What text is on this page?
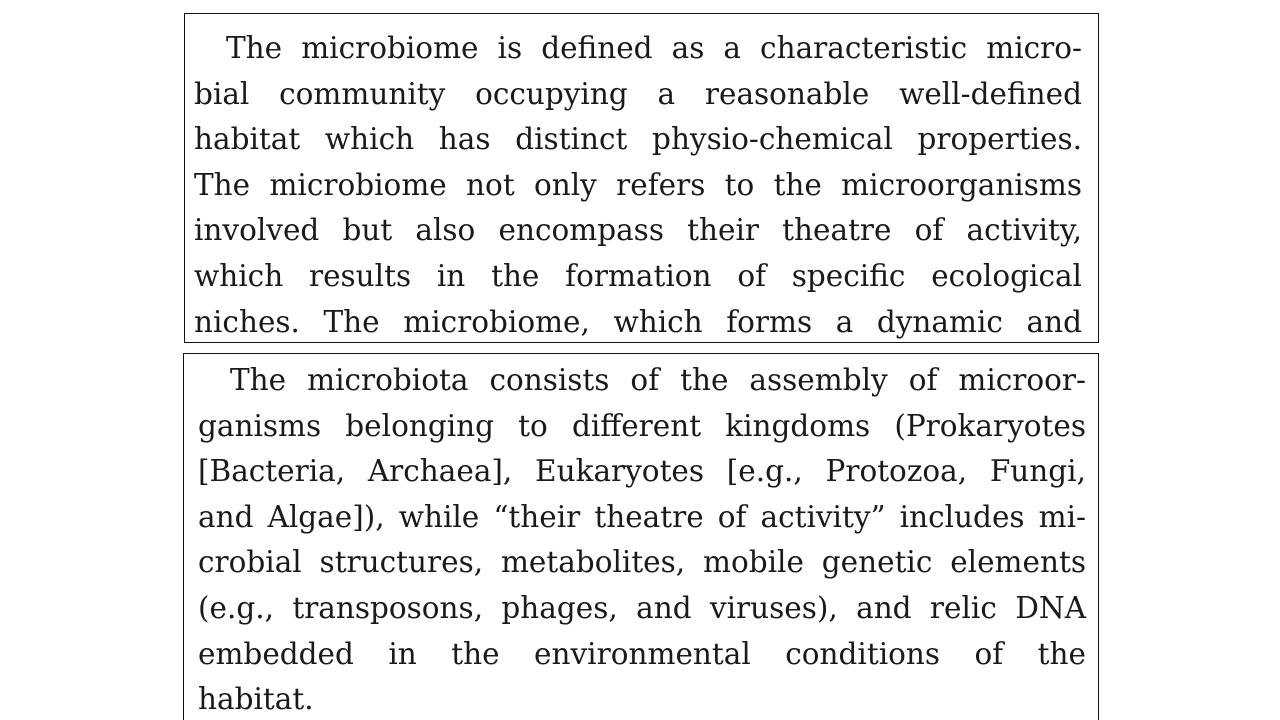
The microbiome is defined as a characteristic micro-
bial community occupying a reasonable well-defined
habitat which has distinct physio-chemical properties.
The microbiome not only refers to the microorganisms
involved but also encompass their theatre of activity,
which results in the formation of specific ecological
niches. The microbiome, which forms a dynamic and
The microbiota consists of the assembly of microor-
ganisms belonging to different kingdoms (Prokaryotes
[Bacteria, Archaea], Eukaryotes [e.g., Protozoa, Fungi,
and Algae]), while “their theatre of activity” includes mi-
crobial structures, metabolites, mobile genetic elements
(e.g., transposons, phages, and viruses), and relic DNA
embedded in the environmental conditions of the
habitat.
